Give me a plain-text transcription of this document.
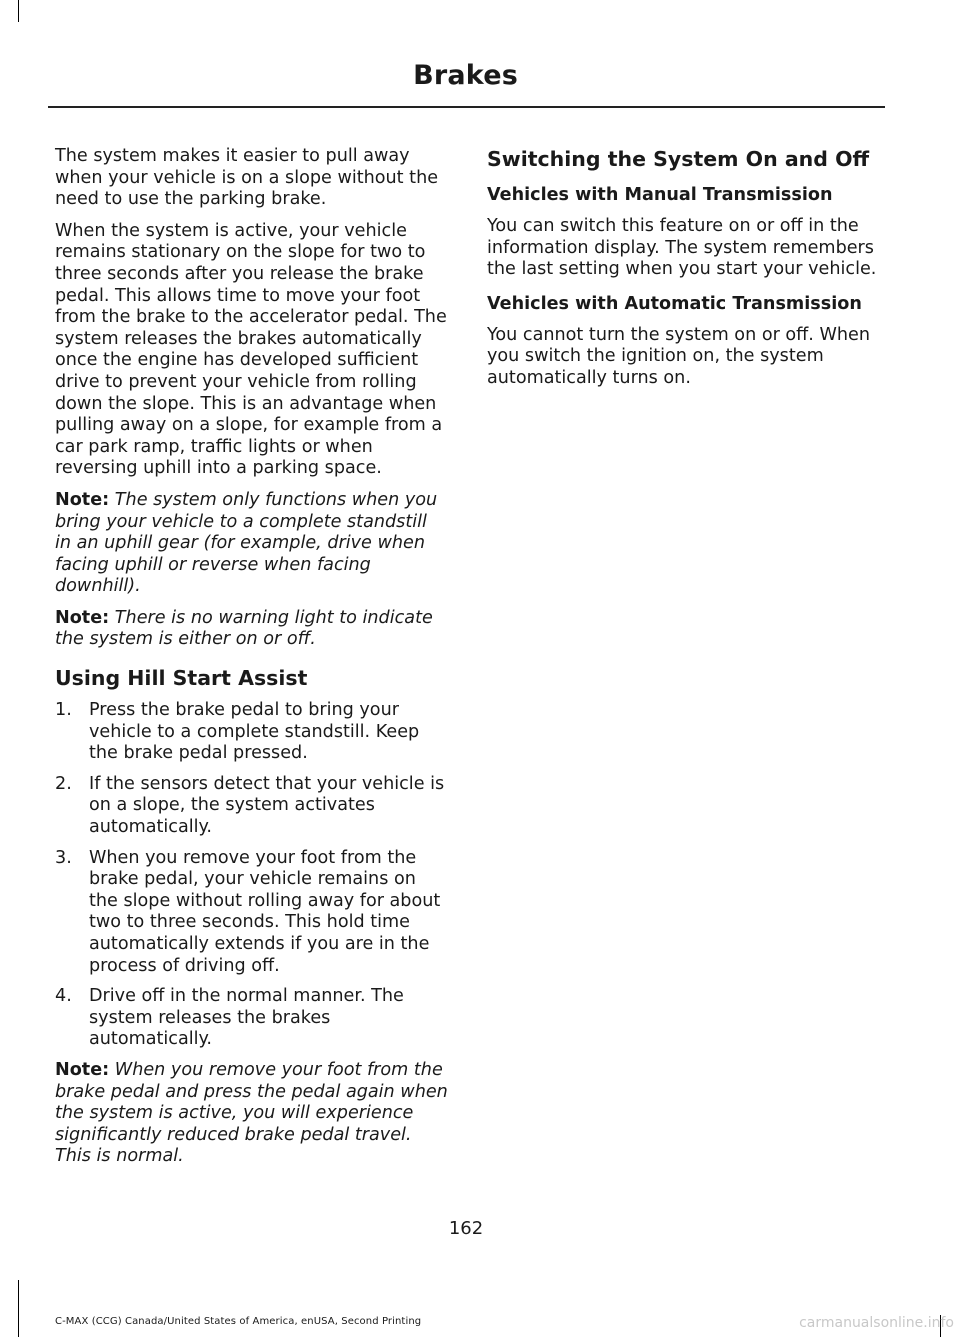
Brakes

The system makes it easier to pull away when your vehicle is on a slope without the need to use the parking brake.

When the system is active, your vehicle remains stationary on the slope for two to three seconds after you release the brake pedal. This allows time to move your foot from the brake to the accelerator pedal. The system releases the brakes automatically once the engine has developed sufficient drive to prevent your vehicle from rolling down the slope. This is an advantage when pulling away on a slope, for example from a car park ramp, traffic lights or when reversing uphill into a parking space.

Note: The system only functions when you bring your vehicle to a complete standstill in an uphill gear (for example, drive when facing uphill or reverse when facing downhill).

Note: There is no warning light to indicate the system is either on or off.

Using Hill Start Assist
1. Press the brake pedal to bring your vehicle to a complete standstill. Keep the brake pedal pressed.
2. If the sensors detect that your vehicle is on a slope, the system activates automatically.
3. When you remove your foot from the brake pedal, your vehicle remains on the slope without rolling away for about two to three seconds. This hold time automatically extends if you are in the process of driving off.
4. Drive off in the normal manner. The system releases the brakes automatically.

Note: When you remove your foot from the brake pedal and press the pedal again when the system is active, you will experience significantly reduced brake pedal travel. This is normal.

Switching the System On and Off
Vehicles with Manual Transmission

You can switch this feature on or off in the information display. The system remembers the last setting when you start your vehicle.

Vehicles with Automatic Transmission

You cannot turn the system on or off. When you switch the ignition on, the system automatically turns on.

162
C-MAX (CCG) Canada/United States of America, enUSA, Second Printing	carmanualsonline.info
